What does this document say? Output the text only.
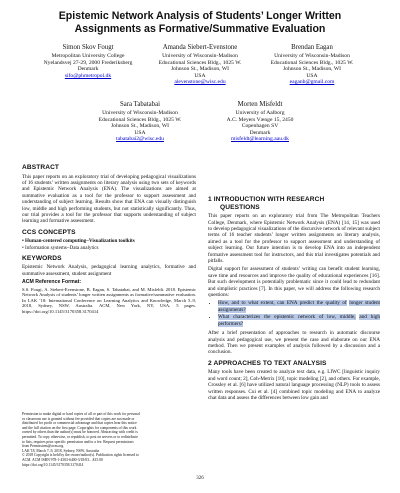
Epistemic Network Analysis of Students’ Longer Written
Assignments as Formative/Summative Evaluation
Simon Skov Fougt
Metropolitan University College
Nyelandsvej 27-29, 2000 Frederiksberg
Denmark
sifo@phmetropol.dk
Amanda Siebert-Evenstone
University of Wisconsin-Madison
Educational Sciences Bldg., 1025 W.
Johnson St., Madison, WI
USA
alevenstone@wisc.edu
Brendan Eagan
University of Wisconsin-Madison
Educational Sciences Bldg., 1025 W.
Johnson St., Madison, WI
USA
eaganb@gmail.com
Sara Tabatabai
University of Wisconsin-Madison
Educational Sciences Bldg., 1025 W.
Johnson St., Madison, WI
USA
tabatabai2@wisc.edu
Morten Misfeldt
University of Aalborg
A.C. Meyers Vænge 15, 2450
Copenhagen SV
Denmark
misfeldt@learning.aau.dk
ABSTRACT

This paper reports on an exploratory trial of developing pedagogical visualizations of 16 students’ written assignments on literary analysis using two sets of keywords and Epistemic Network Analysis (ENA). The visualizations are aimed at summative evaluation as a tool for the professor to support assessment and understanding of subject learning. Results show that ENA can visually distinguish low, middle and high performing students, but not statistically significantly. Thus, our trial provides a tool for the professor that supports understanding of subject learning and formative assessment.

CCS CONCEPTS
• Human-centered computing~Visualization toolkits
• Information systems~Data analytics
KEYWORDS

Epistemic Network Analysis, pedagogical learning analytics, formative and summative assessment, student assignment

ACM Reference Format:

S.S. Fougt, A. Siebert-Evenstone, B. Eagan, S. Tabatabai, and M. Misfeldt. 2018. Epistemic Network Analysis of students’ longer written assignments as formative/summative evaluation. In LAK ’18: International Conference on Learning Analytics and Knowledge, March 5–9, 2018, Sydney, NSW, Australia. ACM, New York, NY, USA, 5 pages. https://doi.org/10.1145/3170358.3170414

Permission to make digital or hard copies of all or part of this work for personal
or classroom use is granted without fee provided that copies are not made or
distributed for profit or commercial advantage and that copies bear this notice
and the full citation on the first page. Copyrights for components of this work
owned by others than the author(s) must be honored. Abstracting with credit is
permitted. To copy otherwise, or republish, to post on servers or to redistribute
to lists, requires prior specific permission and/or a fee. Request permissions
from Permissions@acm.org.
LAK’18, March 7–9, 2018, Sydney, NSW, Australia
© 2018 Copyright is held by the owner/author(s). Publication rights licensed to
ACM. ACM ISBN 978-1-4503-6400-3/18/03…$15.00
https://doi.org/10.1145/3170358.3170414
1 INTRODUCTION WITH RESEARCH
QUESTIONS

This paper reports on an exploratory trial from The Metropolitan Teachers College, Denmark, where Epistemic Network Analysis (ENA) [14, 15] was used to develop pedagogical visualizations of the discursive network of relevant subject terms of 16 teacher students’ longer written assignments on literary analysis, aimed as a tool for the professor to support assessment and understanding of subject learning. Our future intention is to develop ENA into an independent formative assessment tool for instructors, and this trial investigates potentials and pitfalls.

Digital support for assessment of students’ writing can benefit student learning, save time and resources and improve the quality of educational experiences [16]. But such development is potentially problematic since it could lead to redundant and simplistic practices [7]. In this paper, we will address the following research questions:

• How, and to what extent, can ENA predict the quality of longer student assignments?
• What characterizes the epistemic network of low, middle, and high performers?

After a brief presentation of approaches to research in automatic discourse analysis and pedagogical use, we present the case and elaborate on our ENA method. Then we present examples of analysis followed by a discussion and a conclusion.

2 APPROACHES TO TEXT ANALYSIS

Many tools have been created to analyze text data, e.g. LIWC [linguistic inquiry and word count; 2], Coh-Metrix [10], topic modeling [2], and others. For example, Crossley et al. [6] have utilized natural language processing (NLP) tools to assess written responses. Cui et al. [4] combined topic modeling and ENA to analyze chat data and assess the differences between low gain and

326
